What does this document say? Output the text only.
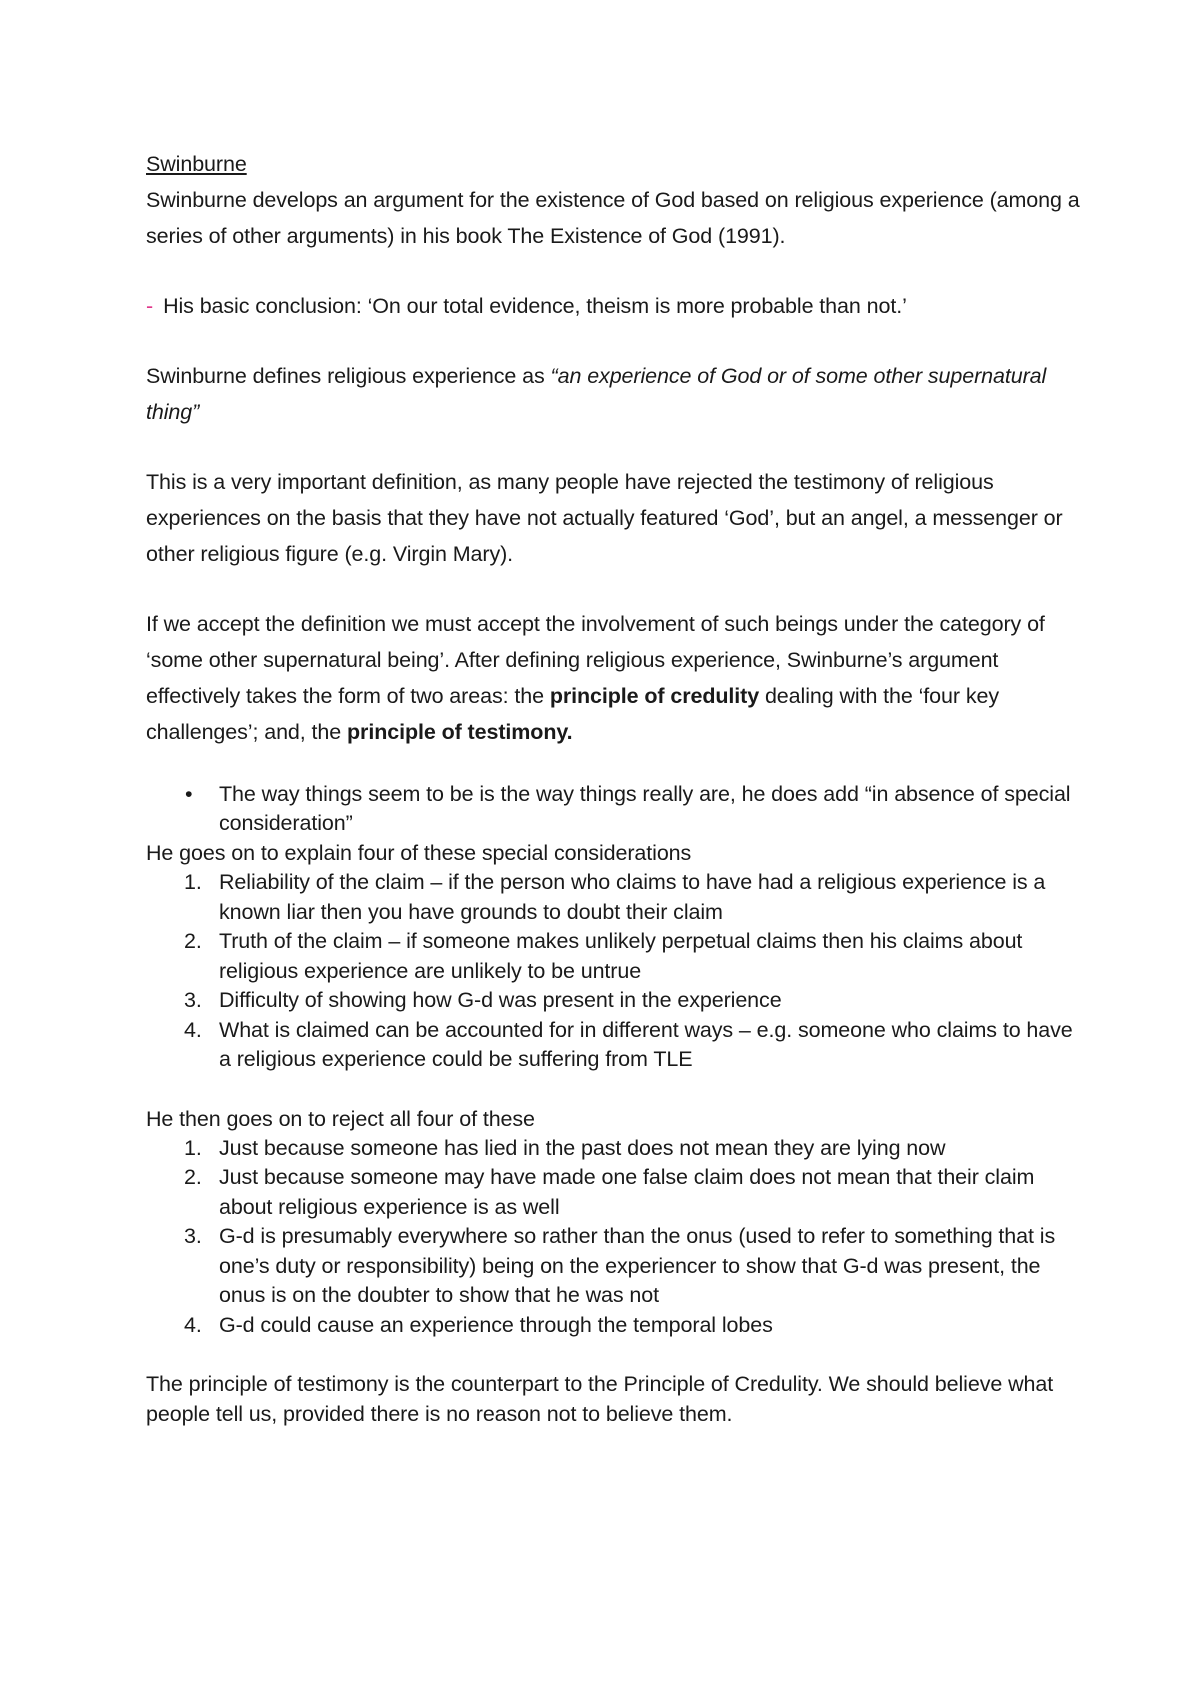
Swinburne

Swinburne develops an argument for the existence of God based on religious experience (among a series of other arguments) in his book The Existence of God (1991).

- His basic conclusion: ‘On our total evidence, theism is more probable than not.’

Swinburne defines religious experience as “an experience of God or of some other supernatural thing”

This is a very important definition, as many people have rejected the testimony of religious experiences on the basis that they have not actually featured ‘God’, but an angel, a messenger or other religious figure (e.g. Virgin Mary).

If we accept the definition we must accept the involvement of such beings under the category of ‘some other supernatural being’. After defining religious experience, Swinburne’s argument effectively takes the form of two areas: the principle of credulity dealing with the ‘four key challenges’; and, the principle of testimony.

• The way things seem to be is the way things really are, he does add “in absence of special consideration”

He goes on to explain four of these special considerations

1. Reliability of the claim – if the person who claims to have had a religious experience is a known liar then you have grounds to doubt their claim
2. Truth of the claim – if someone makes unlikely perpetual claims then his claims about religious experience are unlikely to be untrue
3. Difficulty of showing how G-d was present in the experience
4. What is claimed can be accounted for in different ways – e.g. someone who claims to have a religious experience could be suffering from TLE

He then goes on to reject all four of these

1. Just because someone has lied in the past does not mean they are lying now
2. Just because someone may have made one false claim does not mean that their claim about religious experience is as well
3. G-d is presumably everywhere so rather than the onus (used to refer to something that is one’s duty or responsibility) being on the experiencer to show that G-d was present, the onus is on the doubter to show that he was not
4. G-d could cause an experience through the temporal lobes

The principle of testimony is the counterpart to the Principle of Credulity. We should believe what people tell us, provided there is no reason not to believe them.
